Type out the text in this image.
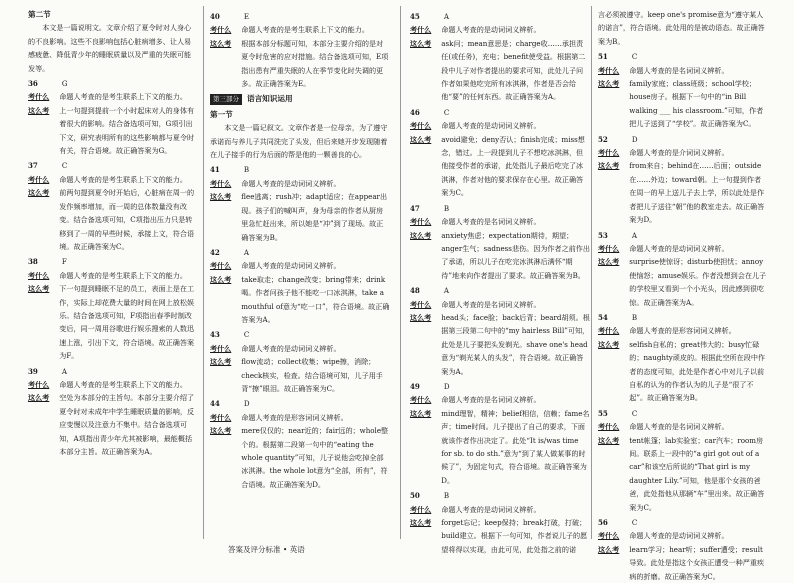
第二节

本文是一篇说明文。文章介绍了夏令时对人身心的不良影响。这些不良影响包括心脏病增多、让人易感疲惫、降低青少年的睡眠质量以及严重的失眠可能发等。

36	G
考什么 命题人考查的是考生联系上下文的能力。
这么考 上一句提到提前一个小时起床对人的身体有着很大的影响。结合备选项可知，G项引出下文，研究表明所有的这些影响都与夏令时有关，符合语境。故正确答案为G。
37	C
考什么 命题人考查的是考生联系上下文的能力。
这么考 前两句提到夏令时开始后，心脏病在周一的发作频率增加，而一周的总体数量没有改变。结合备选项可知，C项指出压力只是转移到了一周的早些时候，承接上文，符合语境。故正确答案为C。
38	F
考什么 命题人考查的是考生联系上下文的能力。
这么考 下一句提到睡眠不足的员工，表面上是在工作，实际上却花费大量的时间在网上放松娱乐。结合备选项可知，F项指出春季时制改变后，同一周用谷歌进行娱乐搜索的人数迅速上涨，引出下文，符合语境。故正确答案为F。
39	A
考什么 命题人考查的是考生联系上下文的能力。
这么考 空处为本部分的主旨句。本部分主要介绍了夏令时对未成年中学生睡眠质量的影响，反应变慢以及注意力不集中。结合备选项可知，A项指出青少年尤其被影响，最能概括本部分主旨。故正确答案为A。
40	E
考什么 命题人考查的是考生联系上下文的能力。
这么考 根据本部分标题可知，本部分主要介绍的是对夏令时危害的应对措施。结合备选项可知，E项指出患有严重失眠的人在季节变化时失调的更多。故正确答案为E。
第三部分	语言知识运用
第一节

本文是一篇记叙文。文章作者是一位母亲，为了遵守承诺而与养儿子共同洗完了头发，但后来她开步发现随着在儿子接手的行为后面的帮是他的一颗善良的心。

41	B
考什么 命题人考查的是动词词义辨析。
这么考 flee逃离；rush冲；adapt适应；在appear出现。孩子们的喊叫声，身为母亲的作者从厨房里急忙赶出来，所以她是“冲”到了现场。故正确答案为B。
42	A
考什么 命题人考查的是动词词义辨析。
这么考 take取走；change改变；bring带来；drink喝。作者问孩子他不能吃一口冰淇淋，take a mouthful of意为“吃一口”，符合语境。故正确答案为A。
43	C
考什么 命题人考查的是动词词义辨析。
这么考 flow流动；collect收集；wipe擦，消除；check核实，检查。结合语境可知，儿子用手背“擦”眼泪。故正确答案为C。
44	D
考什么 命题人考查的是形容词词义辨析。
这么考 mere仅仅的；near近的；fair远的；whole整个的。根据第二段第一句中的“eating the whole quantity”可知，儿子说他会吃掉全部冰淇淋。the whole lot意为“全部，所有”，符合语境。故正确答案为D。
45	A
考什么 命题人考查的是动词词义辨析。
这么考 ask问；mean意思是；charge收……承担责任(或任务)，充电；benefit使受益。根据第二段中儿子对作者提出的要求可知，此处儿子问作者如果他吃完所有冰淇淋，作者是否会给他“要”的任何东西。故正确答案为A。
46	C
考什么 命题人考查的是动词词义辨析。
这么考 avoid避免；deny否认；finish完成；miss想念，错过。上一段提到儿子不想吃冰淇淋，但他接受作者的承诺，此处指儿子最后吃完了冰淇淋，作者对他的要求保存在心里。故正确答案为C。
47	B
考什么 命题人考查的是名词词义辨析。
这么考 anxiety焦虑；expectation期待，期望；anger生气；sadness悲伤。因为作者之前作出了承诺，所以儿子在吃完冰淇淋后满怀“期待”地来向作者提出了要求。故正确答案为B。
48	A
考什么 命题人考查的是名词词义辨析。
这么考 head头；face脸；back后背；beard胡须。根据第三段第二句中的“my hairless Bill”可知，此处是儿子要把头发剃光。shave one's head意为“剃光某人的头发”，符合语境。故正确答案为A。
49	D
考什么 命题人考查的是名词词义辨析。
这么考 mind理智，精神；belief相信，信赖；fame名声；time时间。儿子提出了自己的要求，下面就该作者作出决定了。此处“It is/was time for sb. to do sth.”意为“到了某人做某事的时候了”，为固定句式，符合语境。故正确答案为D。
50	B
考什么 命题人考查的是动词词义辨析。
这么考 forget忘记；keep保持；break打破，打破；build建立。根据下一句可知，作者说儿子的愿望将得以实现，由此可见，此处指之前的诺

言必须被遵守。keep one's promise意为“遵守某人的诺言”，符合语境。此处用的是被动语态。故正确答案为B。

51	C
考什么 命题人考查的是名词词义辨析。
这么考 family家庭；class班级；school学校；house房子。根据下一句中的“in Bill walking ___ his classroom.”可知，作者把儿子送到了“学校”。故正确答案为C。
52	D
考什么 命题人考查的是介词词义辨析。
这么考 from来自；behind在……后面；outside在……外边；toward朝。上一句提到作者在周一的早上送儿子去上学，所以此处是作者把儿子送往“朝”他的教室走去。故正确答案为D。
53	A
考什么 命题人考查的是动词词义辨析。
这么考 surprise使惊讶；disturb使担忧；annoy使恼怒；amuse娱乐。作者没想到会在儿子的学校里又看到一个小光头，因此感到很吃惊。故正确答案为A。
54	B
考什么 命题人考查的是形容词词义辨析。
这么考 selfish自私的；great伟大的；busy忙碌的；naughty顽皮的。根据此空所在段中作者的态度可知，此处是作者心中对儿子以前自私的认为的作者认为的儿子是“很了不起”。故正确答案为B。
55	C
考什么 命题人考查的是名词词义辨析。
这么考 tent帐篷；lab实验室；car汽车；room房间。联系上一段中的“a girl got out of a car”和该空后所说的“That girl is my daughter Lily.”可知，他是那个女孩的爸爸，此处指他从那辆“车”里出来。故正确答案为C。
56	C
考什么 命题人考查的是动词词义辨析。
这么考 learn学习；hear听；suffer遭受；result导致。此处是指这个女孩正遭受一种严重疾病的折磨。故正确答案为C。
答案及评分标准 • 英语
